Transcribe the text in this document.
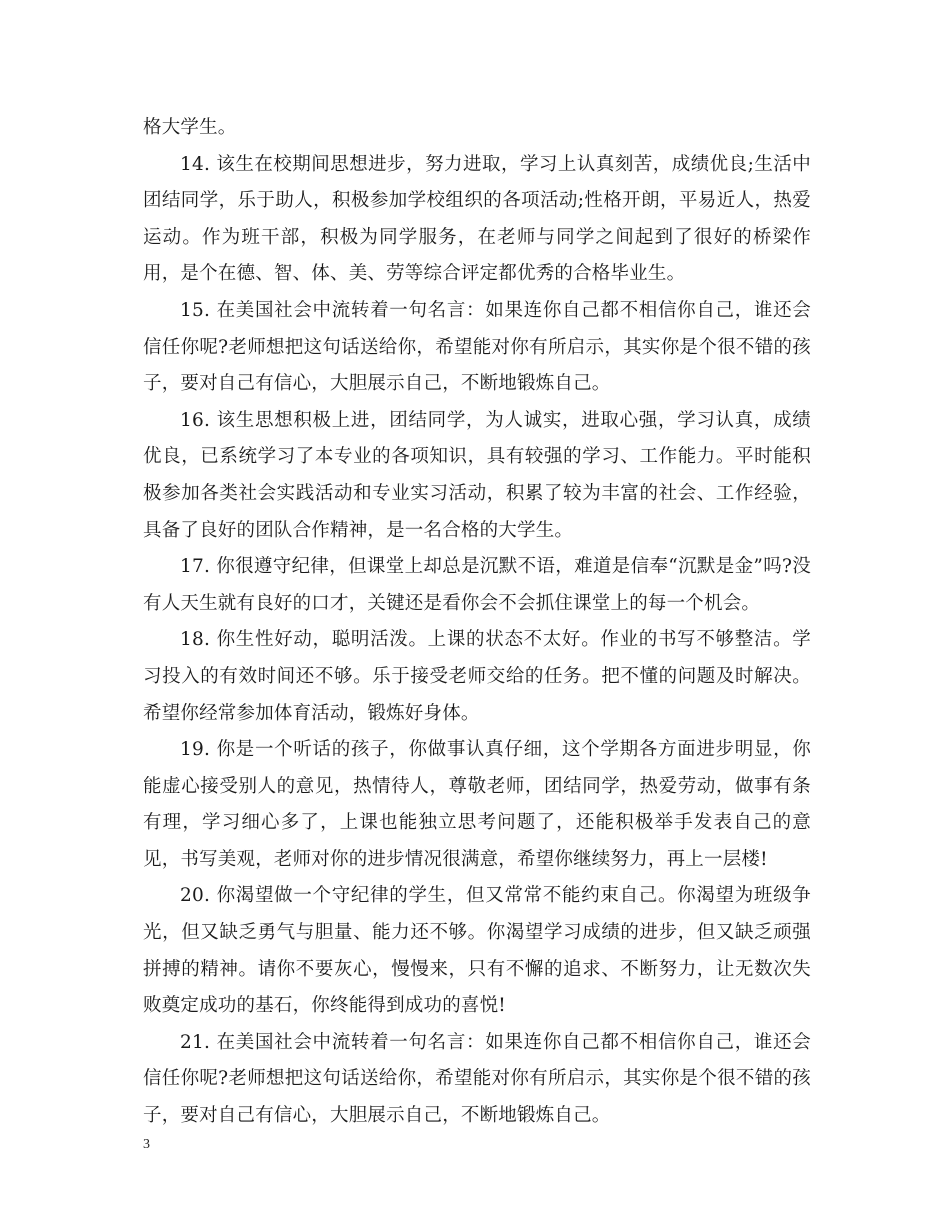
格大学生。

14. 该生在校期间思想进步，努力进取，学习上认真刻苦，成绩优良;生活中团结同学，乐于助人，积极参加学校组织的各项活动;性格开朗，平易近人，热爱运动。作为班干部，积极为同学服务，在老师与同学之间起到了很好的桥梁作用，是个在德、智、体、美、劳等综合评定都优秀的合格毕业生。

15. 在美国社会中流转着一句名言：如果连你自己都不相信你自己，谁还会信任你呢?老师想把这句话送给你，希望能对你有所启示，其实你是个很不错的孩子，要对自己有信心，大胆展示自己，不断地锻炼自己。

16. 该生思想积极上进，团结同学，为人诚实，进取心强，学习认真，成绩优良，已系统学习了本专业的各项知识，具有较强的学习、工作能力。平时能积极参加各类社会实践活动和专业实习活动，积累了较为丰富的社会、工作经验，具备了良好的团队合作精神，是一名合格的大学生。

17. 你很遵守纪律，但课堂上却总是沉默不语，难道是信奉“沉默是金”吗?没有人天生就有良好的口才，关键还是看你会不会抓住课堂上的每一个机会。

18. 你生性好动，聪明活泼。上课的状态不太好。作业的书写不够整洁。学习投入的有效时间还不够。乐于接受老师交给的任务。把不懂的问题及时解决。希望你经常参加体育活动，锻炼好身体。

19. 你是一个听话的孩子，你做事认真仔细，这个学期各方面进步明显，你能虚心接受别人的意见，热情待人，尊敬老师，团结同学，热爱劳动，做事有条有理，学习细心多了，上课也能独立思考问题了，还能积极举手发表自己的意见，书写美观，老师对你的进步情况很满意，希望你继续努力，再上一层楼!

20. 你渴望做一个守纪律的学生，但又常常不能约束自己。你渴望为班级争光，但又缺乏勇气与胆量、能力还不够。你渴望学习成绩的进步，但又缺乏顽强拼搏的精神。请你不要灰心，慢慢来，只有不懈的追求、不断努力，让无数次失败奠定成功的基石，你终能得到成功的喜悦!

21. 在美国社会中流转着一句名言：如果连你自己都不相信你自己，谁还会信任你呢?老师想把这句话送给你，希望能对你有所启示，其实你是个很不错的孩子，要对自己有信心，大胆展示自己，不断地锻炼自己。

3
